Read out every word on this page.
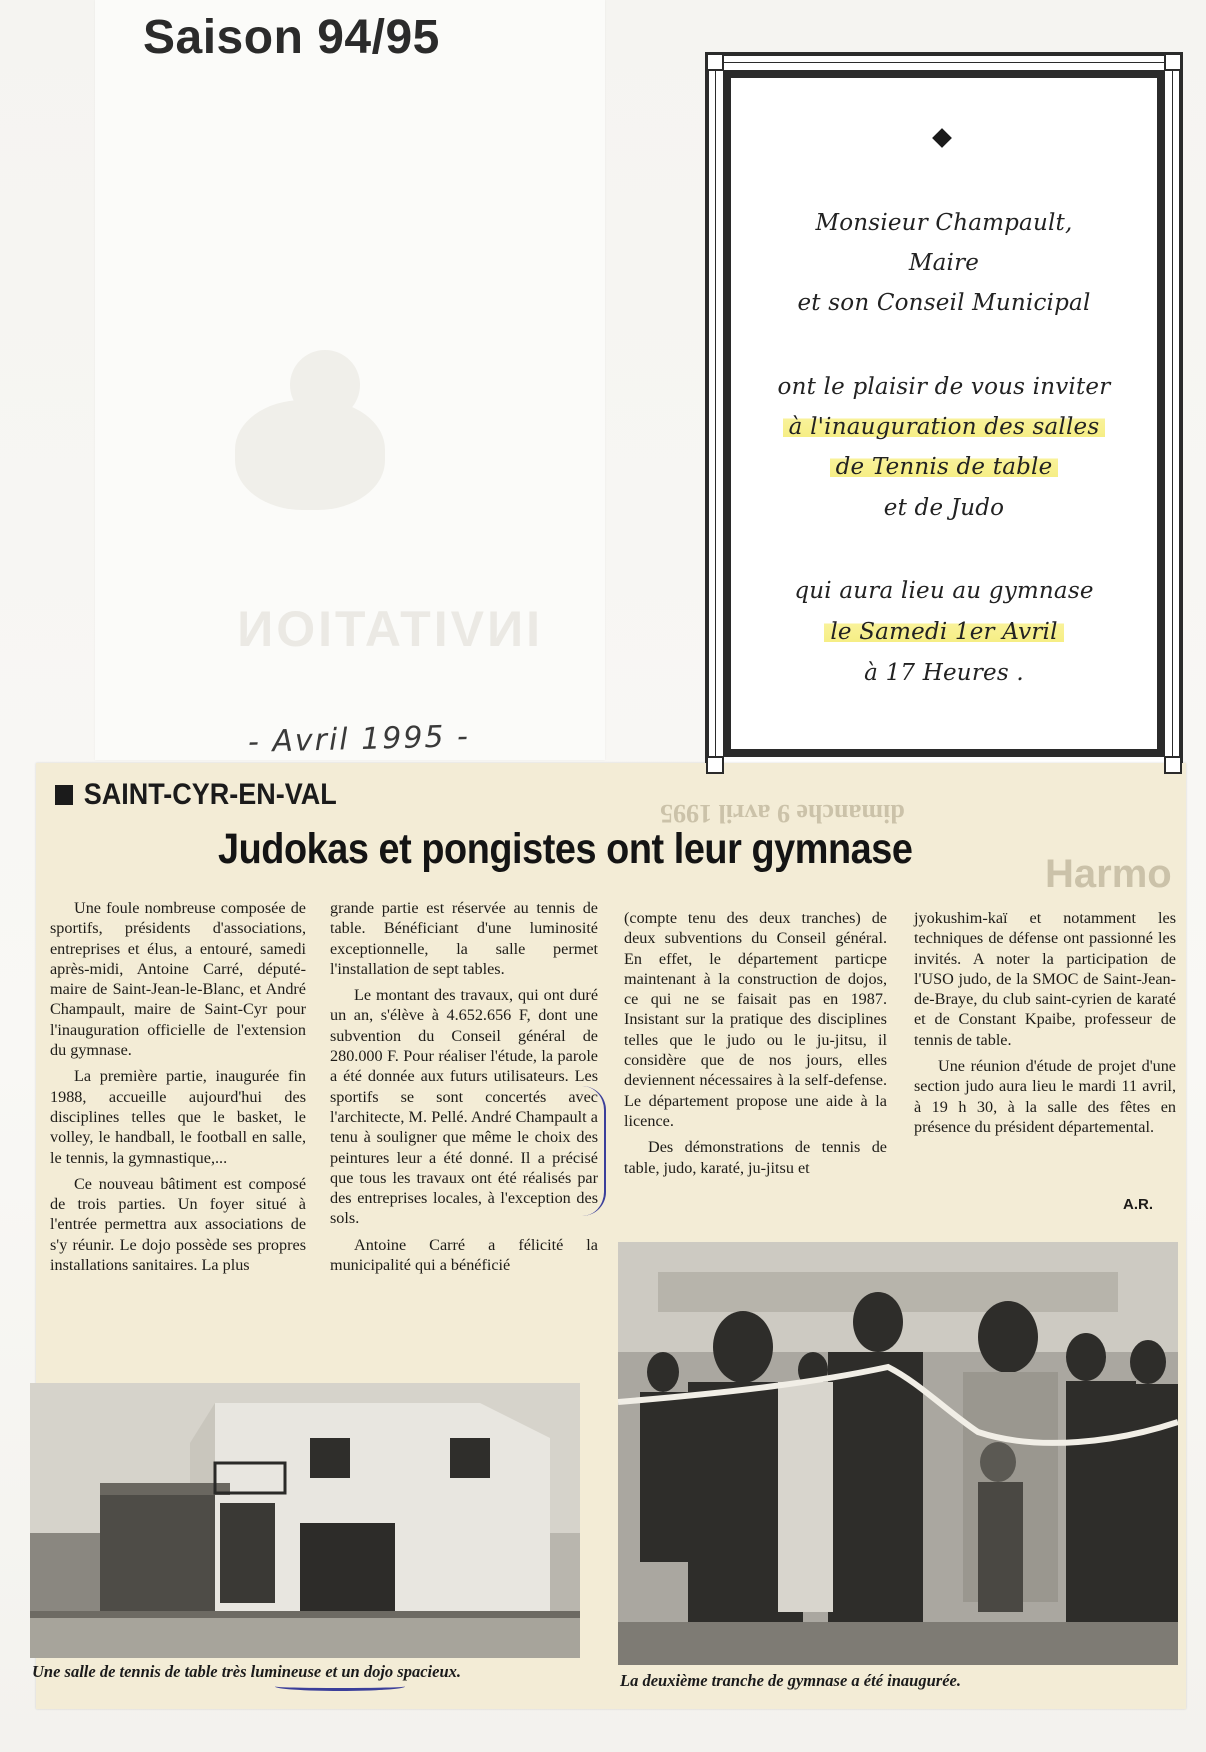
Saison 94/95
INVITATION
Monsieur Champault,
Maire
et son Conseil Municipal
ont le plaisir de vous inviter
à l'inauguration des salles
de Tennis de table
et de Judo
qui aura lieu au gymnase
le Samedi 1er Avril
à 17 Heures .
- Avril 1995 -
dimanche 9 avril 1995
Harmo
SAINT-CYR-EN-VAL
Judokas et pongistes ont leur gymnase

Une foule nombreuse composée de sportifs, présidents d'associations, entreprises et élus, a entouré, samedi après-midi, Antoine Carré, député-maire de Saint-Jean-le-Blanc, et André Champault, maire de Saint-Cyr pour l'inauguration officielle de l'extension du gymnase.

La première partie, inaugurée fin 1988, accueille aujourd'hui des disciplines telles que le basket, le volley, le handball, le football en salle, le tennis, la gymnastique,...

Ce nouveau bâtiment est composé de trois parties. Un foyer situé à l'entrée permettra aux associations de s'y réunir. Le dojo possède ses propres installations sanitaires. La plus

grande partie est réservée au tennis de table. Bénéficiant d'une luminosité exceptionnelle, la salle permet l'installation de sept tables.

Le montant des travaux, qui ont duré un an, s'élève à 4.652.656 F, dont une subvention du Conseil général de 280.000 F. Pour réaliser l'étude, la parole a été donnée aux futurs utilisateurs. Les sportifs se sont concertés avec l'architecte, M. Pellé. André Champault a tenu à souligner que même le choix des peintures leur a été donné. Il a précisé que tous les travaux ont été réalisés par des entreprises locales, à l'exception des sols.

Antoine Carré a félicité la municipalité qui a bénéficié

(compte tenu des deux tranches) de deux subventions du Conseil général. En effet, le département particpe maintenant à la construction de dojos, ce qui ne se faisait pas en 1987. Insistant sur la pratique des disciplines telles que le judo ou le ju-jitsu, il considère que de nos jours, elles deviennent nécessaires à la self-defense. Le département propose une aide à la licence.

Des démonstrations de tennis de table, judo, karaté, ju-jitsu et

jyokushim-kaï et notamment les techniques de défense ont passionné les invités. A noter la participation de l'USO judo, de la SMOC de Saint-Jean-de-Braye, du club saint-cyrien de karaté et de Constant Kpaibe, professeur de tennis de table.

Une réunion d'étude de projet d'une section judo aura lieu le mardi 11 avril, à 19 h 30, à la salle des fêtes en présence du président départemental.

A.R.
Une salle de tennis de table très lumineuse et un dojo spacieux.	La deuxième tranche de gymnase a été inaugurée.
